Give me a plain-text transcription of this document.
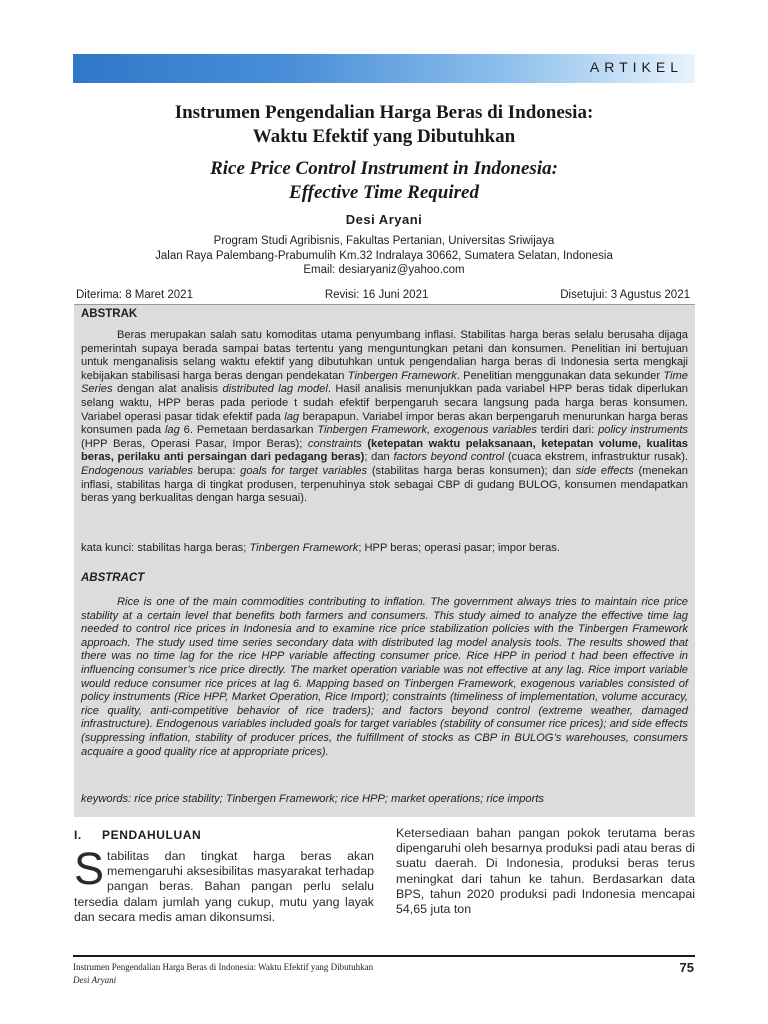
ARTIKEL
Instrumen Pengendalian Harga Beras di Indonesia:
Waktu Efektif yang Dibutuhkan
Rice Price Control Instrument in Indonesia:
Effective Time Required
Desi Aryani
Program Studi Agribisnis, Fakultas Pertanian, Universitas Sriwijaya
Jalan Raya Palembang-Prabumulih Km.32 Indralaya 30662, Sumatera Selatan, Indonesia
Email: desiaryaniz@yahoo.com
Diterima: 8 Maret 2021	Revisi: 16 Juni 2021	Disetujui: 3 Agustus 2021
ABSTRAK
Beras merupakan salah satu komoditas utama penyumbang inflasi. Stabilitas harga beras selalu berusaha dijaga pemerintah supaya berada sampai batas tertentu yang menguntungkan petani dan konsumen. Penelitian ini bertujuan untuk menganalisis selang waktu efektif yang dibutuhkan untuk pengendalian harga beras di Indonesia serta mengkaji kebijakan stabilisasi harga beras dengan pendekatan Tinbergen Framework. Penelitian menggunakan data sekunder Time Series dengan alat analisis distributed lag model. Hasil analisis menunjukkan pada variabel HPP beras tidak diperlukan selang waktu, HPP beras pada periode t sudah efektif berpengaruh secara langsung pada harga beras konsumen. Variabel operasi pasar tidak efektif pada lag berapapun. Variabel impor beras akan berpengaruh menurunkan harga beras konsumen pada lag 6. Pemetaan berdasarkan Tinbergen Framework, exogenous variables terdiri dari: policy instruments (HPP Beras, Operasi Pasar, Impor Beras); constraints (ketepatan waktu pelaksanaan, ketepatan volume, kualitas beras, perilaku anti persaingan dari pedagang beras); dan factors beyond control (cuaca ekstrem, infrastruktur rusak). Endogenous variables berupa: goals for target variables (stabilitas harga beras konsumen); dan side effects (menekan inflasi, stabilitas harga di tingkat produsen, terpenuhinya stok sebagai CBP di gudang BULOG, konsumen mendapatkan beras yang berkualitas dengan harga sesuai).
kata kunci: stabilitas harga beras; Tinbergen Framework; HPP beras; operasi pasar; impor beras.
ABSTRACT
Rice is one of the main commodities contributing to inflation. The government always tries to maintain rice price stability at a certain level that benefits both farmers and consumers. This study aimed to analyze the effective time lag needed to control rice prices in Indonesia and to examine rice price stabilization policies with the Tinbergen Framework approach. The study used time series secondary data with distributed lag model analysis tools. The results showed that there was no time lag for the rice HPP variable affecting consumer price. Rice HPP in period t had been effective in influencing consumer’s rice price directly. The market operation variable was not effective at any lag. Rice import variable would reduce consumer rice prices at lag 6. Mapping based on Tinbergen Framework, exogenous variables consisted of policy instruments (Rice HPP, Market Operation, Rice Import); constraints (timeliness of implementation, volume accuracy, rice quality, anti-competitive behavior of rice traders); and factors beyond control (extreme weather, damaged infrastructure). Endogenous variables included goals for target variables (stability of consumer rice prices); and side effects (suppressing inflation, stability of producer prices, the fulfillment of stocks as CBP in BULOG’s warehouses, consumers acquaire a good quality rice at appropriate prices).
keywords: rice price stability; Tinbergen Framework; rice HPP; market operations; rice imports
I. PENDAHULUAN
Stabilitas dan tingkat harga beras akan memengaruhi aksesibilitas masyarakat terhadap pangan beras. Bahan pangan perlu selalu tersedia dalam jumlah yang cukup, mutu yang layak dan secara medis aman dikonsumsi.
Ketersediaan bahan pangan pokok terutama beras dipengaruhi oleh besarnya produksi padi atau beras di suatu daerah. Di Indonesia, produksi beras terus meningkat dari tahun ke tahun. Berdasarkan data BPS, tahun 2020 produksi padi Indonesia mencapai 54,65 juta ton
Instrumen Pengendalian Harga Beras di Indonesia: Waktu Efektif yang Dibutuhkan
Desi Aryani
75
